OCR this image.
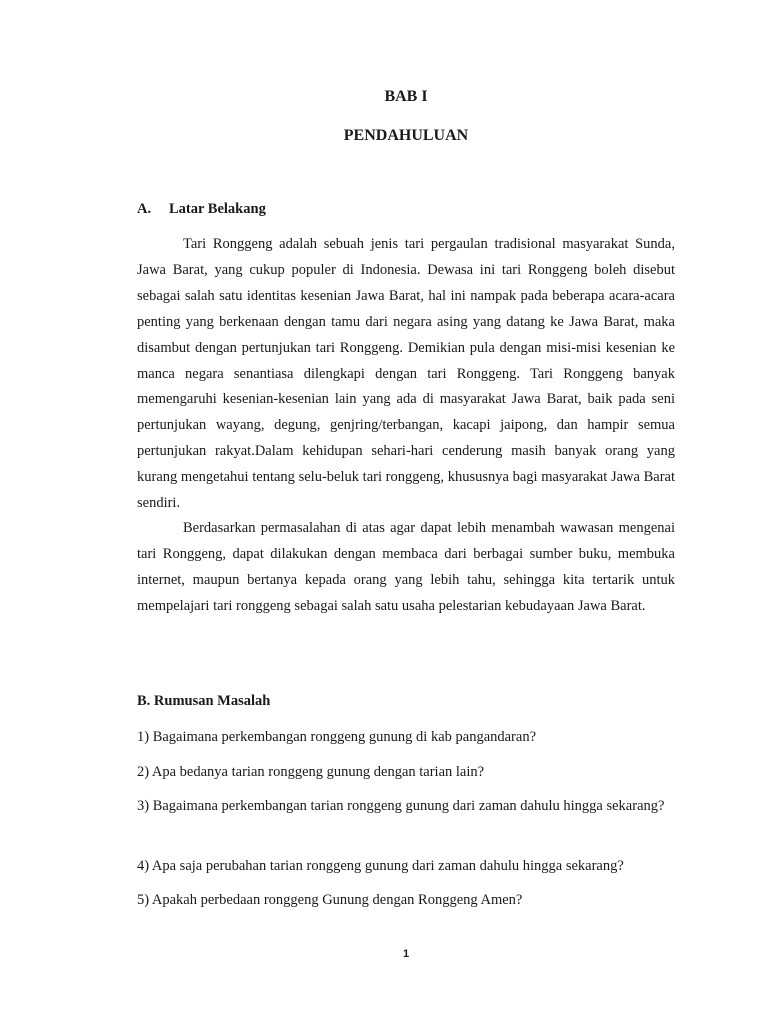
BAB I
PENDAHULUAN
A. Latar Belakang

Tari Ronggeng adalah sebuah jenis tari pergaulan tradisional masyarakat Sunda, Jawa Barat, yang cukup populer di Indonesia. Dewasa ini tari Ronggeng boleh disebut sebagai salah satu identitas kesenian Jawa Barat, hal ini nampak pada beberapa acara-acara penting yang berkenaan dengan tamu dari negara asing yang datang ke Jawa Barat, maka disambut dengan pertunjukan tari Ronggeng. Demikian pula dengan misi-misi kesenian ke manca negara senantiasa dilengkapi dengan tari Ronggeng. Tari Ronggeng banyak memengaruhi kesenian-kesenian lain yang ada di masyarakat Jawa Barat, baik pada seni pertunjukan wayang, degung, genjring/terbangan, kacapi jaipong, dan hampir semua pertunjukan rakyat.Dalam kehidupan sehari-hari cenderung masih banyak orang yang kurang mengetahui tentang selu-beluk tari ronggeng, khususnya bagi masyarakat Jawa Barat sendiri.

Berdasarkan permasalahan di atas agar dapat lebih menambah wawasan mengenai tari Ronggeng, dapat dilakukan dengan membaca dari berbagai sumber buku, membuka internet, maupun bertanya kepada orang yang lebih tahu, sehingga kita tertarik untuk mempelajari tari ronggeng sebagai salah satu usaha pelestarian kebudayaan Jawa Barat.

B. Rumusan Masalah
1) Bagaimana perkembangan ronggeng gunung di kab pangandaran?
2) Apa bedanya tarian ronggeng gunung dengan tarian lain?
3) Bagaimana perkembangan tarian ronggeng gunung dari zaman dahulu hingga sekarang?
4) Apa saja perubahan tarian ronggeng gunung dari zaman dahulu hingga sekarang?
5) Apakah perbedaan ronggeng Gunung dengan Ronggeng Amen?
1
